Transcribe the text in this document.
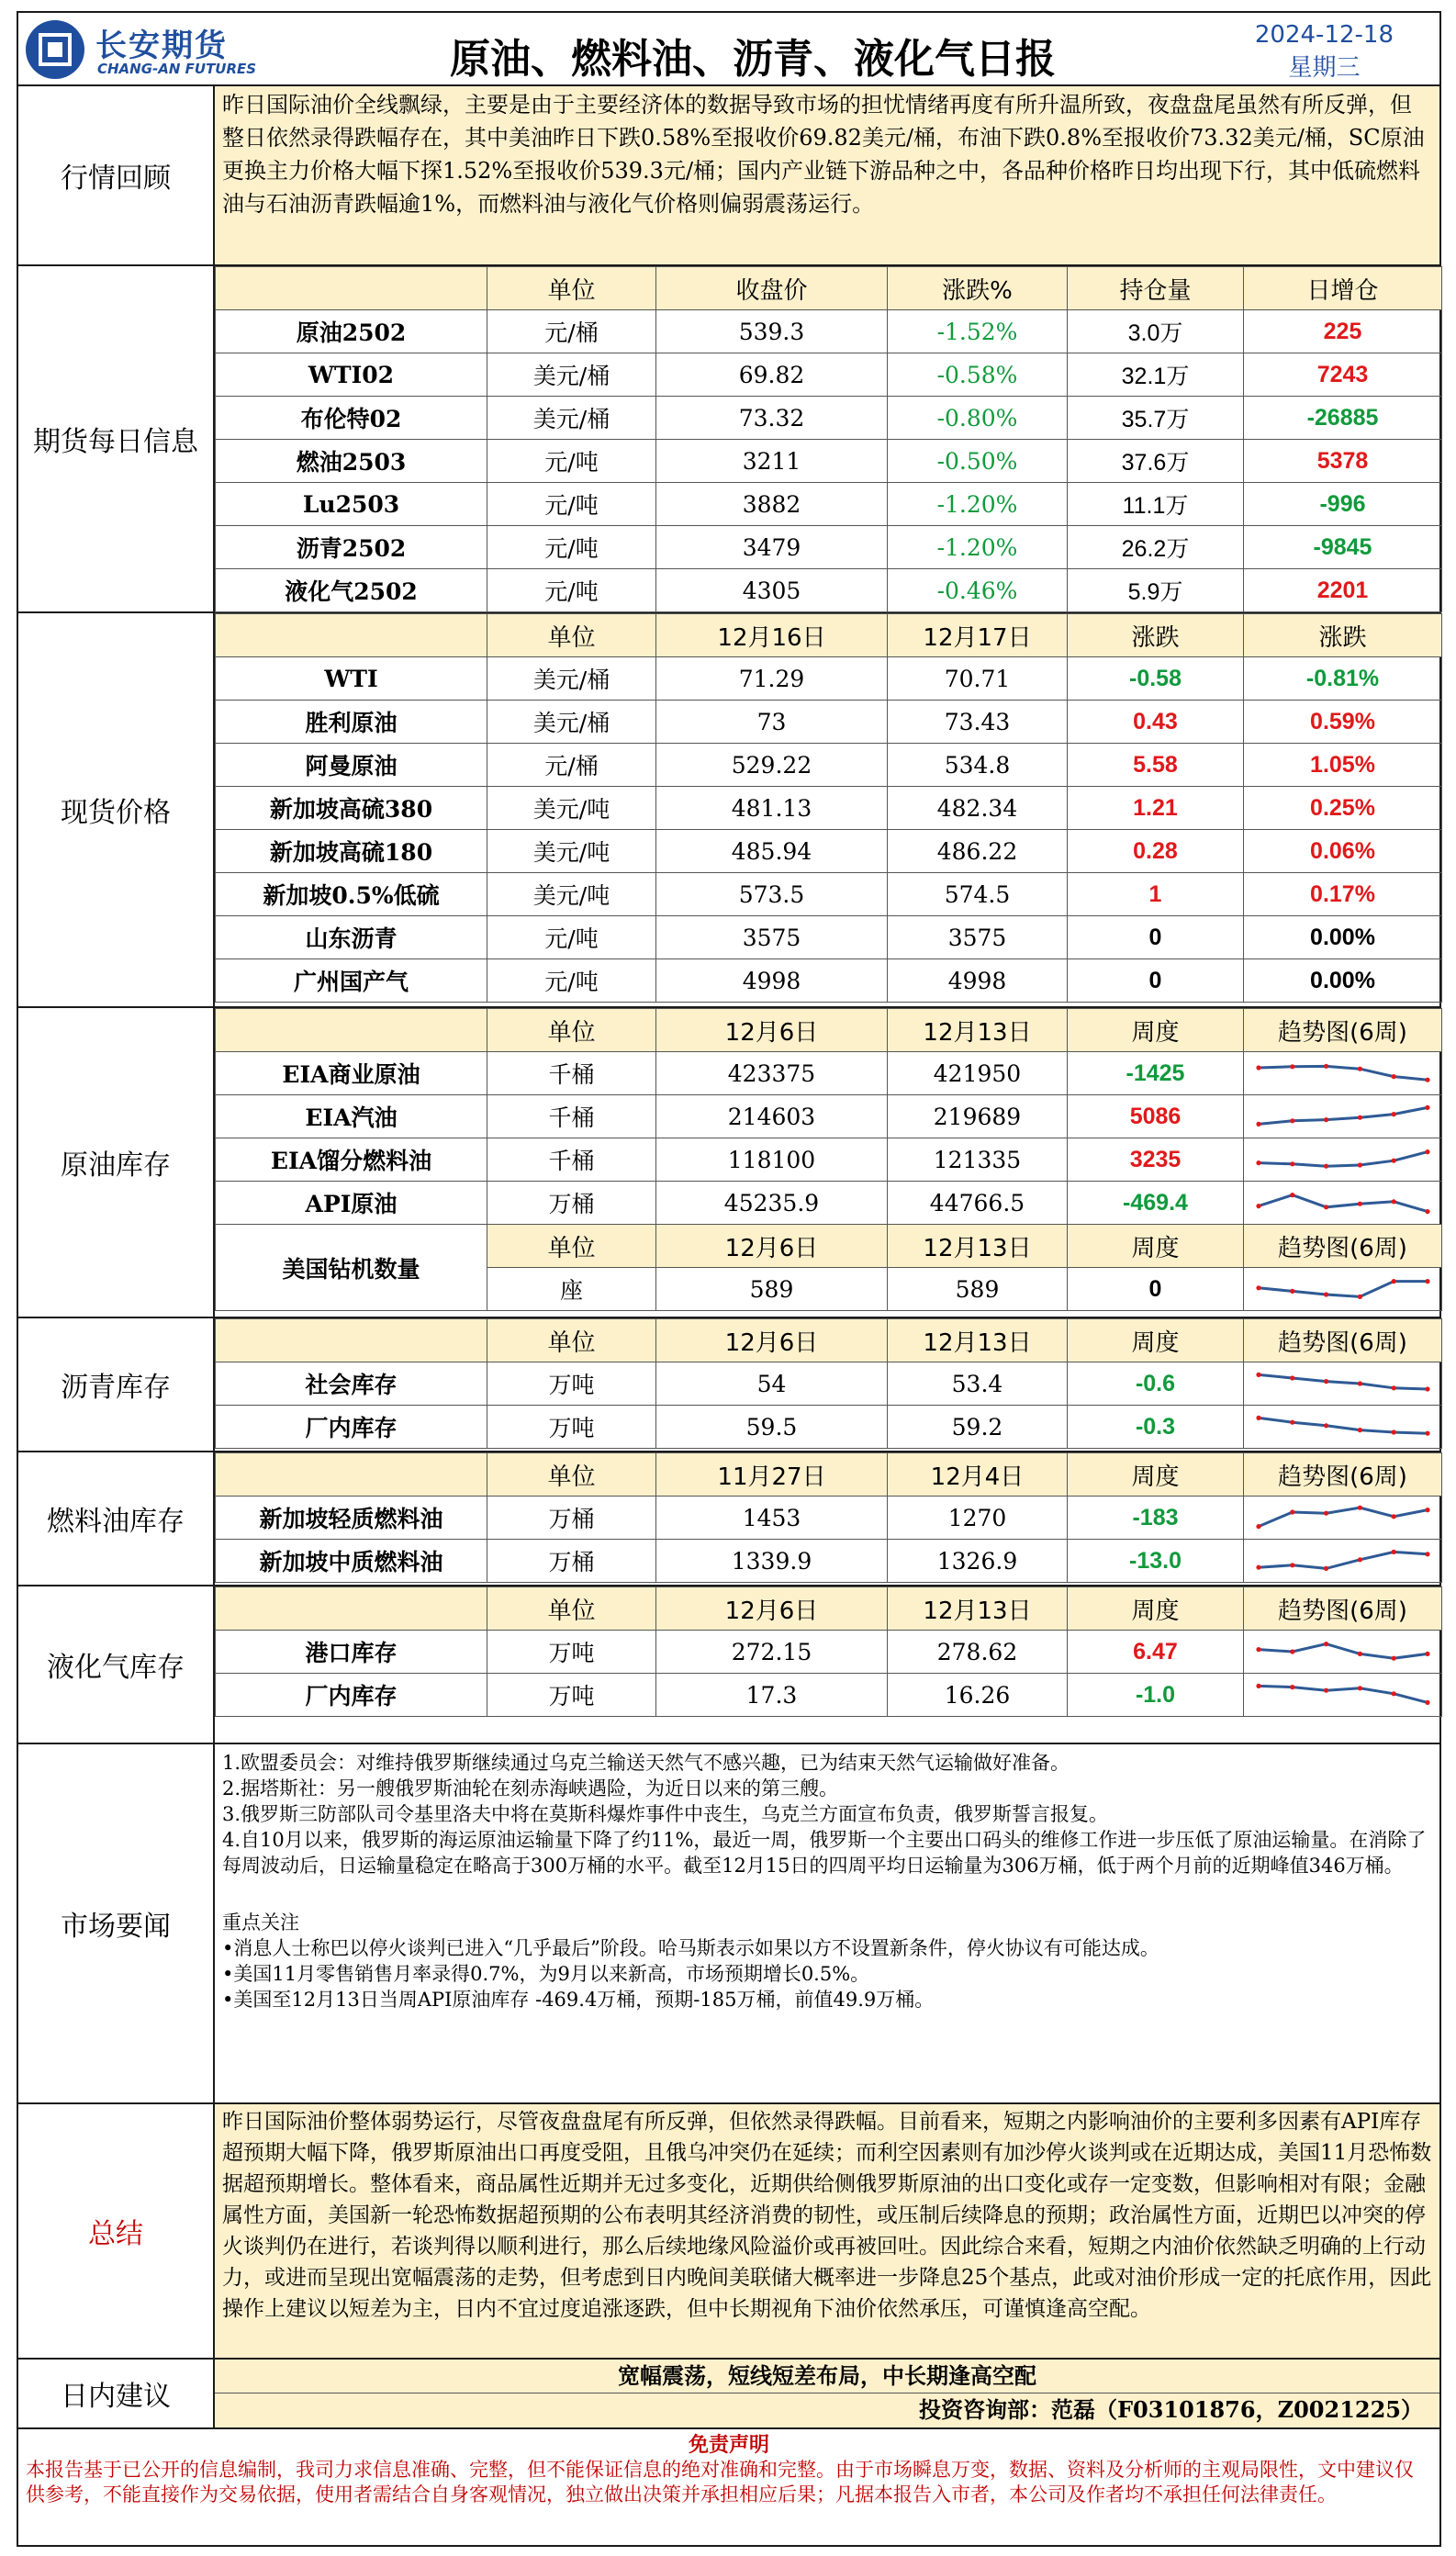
长安期货
CHANG-AN FUTURES	原油、燃料油、沥青、液化气日报
2024-12-18
星期三
行情回顾
昨日国际油价全线飘绿，主要是由于主要经济体的数据导致市场的担忧情绪再度有所升温所致，夜盘盘尾虽然有所反弹，但整日依然录得跌幅存在，其中美油昨日下跌0.58%至报收价69.82美元/桶，布油下跌0.8%至报收价73.32美元/桶，SC原油更换主力价格大幅下探1.52%至报收价539.3元/桶；国内产业链下游品种之中，各品种价格昨日均出现下行，其中低硫燃料油与石油沥青跌幅逾1%，而燃料油与液化气价格则偏弱震荡运行。
期货每日信息
	单位	收盘价	涨跌%	持仓量	日增仓
原油2502	元/桶	539.3	-1.52%	3.0万	225
WTI02	美元/桶	69.82	-0.58%	32.1万	7243
布伦特02	美元/桶	73.32	-0.80%	35.7万	-26885
燃油2503	元/吨	3211	-0.50%	37.6万	5378
Lu2503	元/吨	3882	-1.20%	11.1万	-996
沥青2502	元/吨	3479	-1.20%	26.2万	-9845
液化气2502	元/吨	4305	-0.46%	5.9万	2201
现货价格
	单位	12月16日	12月17日	涨跌	涨跌
WTI	美元/桶	71.29	70.71	-0.58	-0.81%
胜利原油	美元/桶	73	73.43	0.43	0.59%
阿曼原油	元/桶	529.22	534.8	5.58	1.05%
新加坡高硫380	美元/吨	481.13	482.34	1.21	0.25%
新加坡高硫180	美元/吨	485.94	486.22	0.28	0.06%
新加坡0.5%低硫	美元/吨	573.5	574.5	1	0.17%
山东沥青	元/吨	3575	3575	0	0.00%
广州国产气	元/吨	4998	4998	0	0.00%
原油库存
	单位	12月6日	12月13日	周度	趋势图(6周)
EIA商业原油	千桶	423375	421950	-1425	

EIA汽油	千桶	214603	219689	5086	

EIA馏分燃料油	千桶	118100	121335	3235	

API原油	万桶	45235.9	44766.5	-469.4	

美国钻机数量	单位	12月6日	12月13日	周度	趋势图(6周)
	座	589	589	0	
沥青库存
	单位	12月6日	12月13日	周度	趋势图(6周)
社会库存	万吨	54	53.4	-0.6	

厂内库存	万吨	59.5	59.2	-0.3	
燃料油库存
	单位	11月27日	12月4日	周度	趋势图(6周)
新加坡轻质燃料油	万桶	1453	1270	-183	

新加坡中质燃料油	万桶	1339.9	1326.9	-13.0	
液化气库存
	单位	12月6日	12月13日	周度	趋势图(6周)
港口库存	万吨	272.15	278.62	6.47	

厂内库存	万吨	17.3	16.26	-1.0	
市场要闻

1.欧盟委员会：对维持俄罗斯继续通过乌克兰输送天然气不感兴趣，已为结束天然气运输做好准备。

2.据塔斯社：另一艘俄罗斯油轮在刻赤海峡遇险，为近日以来的第三艘。

3.俄罗斯三防部队司令基里洛夫中将在莫斯科爆炸事件中丧生，乌克兰方面宣布负责，俄罗斯誓言报复。

4.自10月以来，俄罗斯的海运原油运输量下降了约11%，最近一周，俄罗斯一个主要出口码头的维修工作进一步压低了原油运输量。在消除了每周波动后，日运输量稳定在略高于300万桶的水平。截至12月15日的四周平均日运输量为306万桶，低于两个月前的近期峰值346万桶。

重点关注

•消息人士称巴以停火谈判已进入“几乎最后”阶段。哈马斯表示如果以方不设置新条件，停火协议有可能达成。

•美国11月零售销售月率录得0.7%，为9月以来新高，市场预期增长0.5%。

•美国至12月13日当周API原油库存 -469.4万桶，预期-185万桶，前值49.9万桶。

总结
昨日国际油价整体弱势运行，尽管夜盘盘尾有所反弹，但依然录得跌幅。目前看来，短期之内影响油价的主要利多因素有API库存超预期大幅下降，俄罗斯原油出口再度受阻，且俄乌冲突仍在延续；而利空因素则有加沙停火谈判或在近期达成，美国11月恐怖数据超预期增长。整体看来，商品属性近期并无过多变化，近期供给侧俄罗斯原油的出口变化或存一定变数，但影响相对有限；金融属性方面，美国新一轮恐怖数据超预期的公布表明其经济消费的韧性，或压制后续降息的预期；政治属性方面，近期巴以冲突的停火谈判仍在进行，若谈判得以顺利进行，那么后续地缘风险溢价或再被回吐。因此综合来看，短期之内油价依然缺乏明确的上行动力，或进而呈现出宽幅震荡的走势，但考虑到日内晚间美联储大概率进一步降息25个基点，此或对油价形成一定的托底作用，因此操作上建议以短差为主，日内不宜过度追涨逐跌，但中长期视角下油价依然承压，可谨慎逢高空配。
日内建议
宽幅震荡，短线短差布局，中长期逢高空配
投资咨询部：范磊（F03101876，Z0021225）
免责声明
本报告基于已公开的信息编制，我司力求信息准确、完整，但不能保证信息的绝对准确和完整。由于市场瞬息万变，数据、资料及分析师的主观局限性，文中建议仅供参考，不能直接作为交易依据，使用者需结合自身客观情况，独立做出决策并承担相应后果；凡据本报告入市者，本公司及作者均不承担任何法律责任。
